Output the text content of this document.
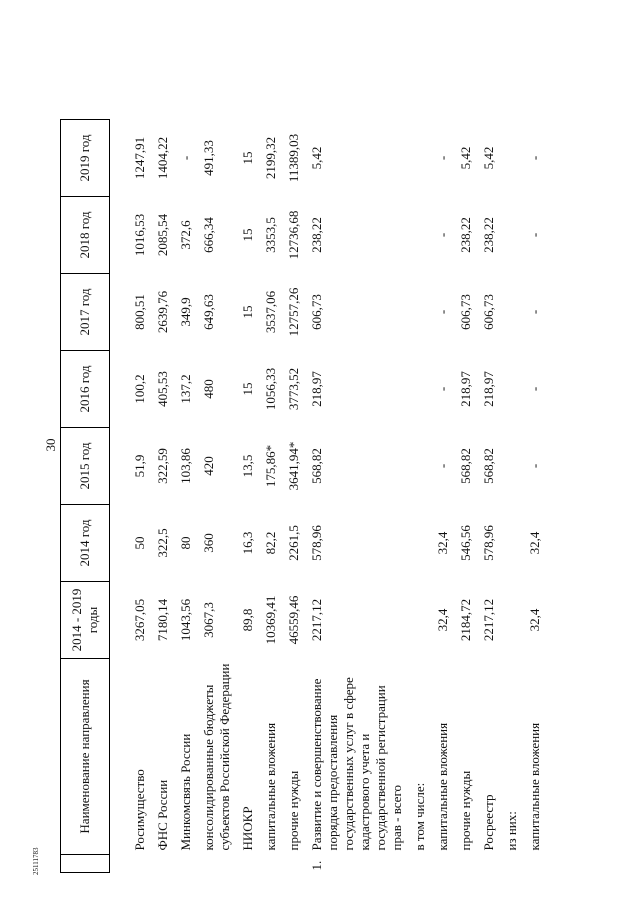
30
25111783
	Наименование направления	2014 - 2019 годы	2014 год	2015 год	2016 год	2017 год	2018 год	2019 год
	Росимущество	3267,05	50	51,9	100,2	800,51	1016,53	1247,91
	ФНС России	7180,14	322,5	322,59	405,53	2639,76	2085,54	1404,22
	Минкомсвязь России	1043,56	80	103,86	137,2	349,9	372,6	-
	консолидированные бюджеты субъектов Российской Федерации	3067,3	360	420	480	649,63	666,34	491,33
	НИОКР	89,8	16,3	13,5	15	15	15	15
	капитальные вложения	10369,41	82,2	175,86*	1056,33	3537,06	3353,5	2199,32
	прочие нужды	46559,46	2261,5	3641,94*	3773,52	12757,26	12736,68	11389,03
1.	Развитие и совершенствование порядка предоставления государственных услуг в сфере кадастрового учета и государственной регистрации прав - всего	2217,12	578,96	568,82	218,97	606,73	238,22	5,42
	в том числе:							
	капитальные вложения	32,4	32,4	-	-	-	-	-
	прочие нужды	2184,72	546,56	568,82	218,97	606,73	238,22	5,42
	Росреестр	2217,12	578,96	568,82	218,97	606,73	238,22	5,42
	из них:							
	капитальные вложения	32,4	32,4	-	-	-	-	-
